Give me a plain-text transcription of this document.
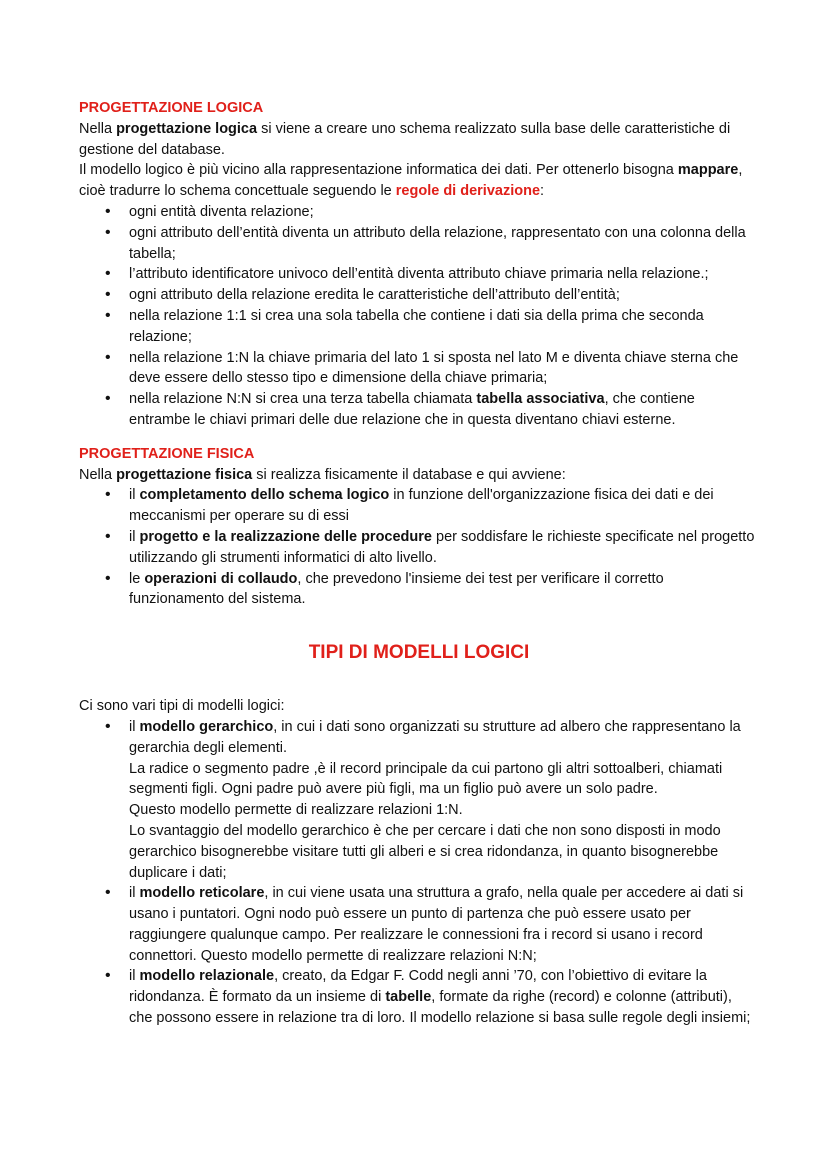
PROGETTAZIONE LOGICA

Nella progettazione logica si viene a creare uno schema realizzato sulla base delle caratteristiche di gestione del database.

Il modello logico è più vicino alla rappresentazione informatica dei dati. Per ottenerlo bisogna mappare, cioè tradurre lo schema concettuale seguendo le regole di derivazione:

• ogni entità diventa relazione;
• ogni attributo dell’entità diventa un attributo della relazione, rappresentato con una colonna della tabella;
• l’attributo identificatore univoco dell’entità diventa attributo chiave primaria nella relazione.;
• ogni attributo della relazione eredita le caratteristiche dell’attributo dell’entità;
• nella relazione 1:1 si crea una sola tabella che contiene i dati sia della prima che seconda relazione;
• nella relazione 1:N la chiave primaria del lato 1 si sposta nel lato M e diventa chiave sterna che deve essere dello stesso tipo e dimensione della chiave primaria;
• nella relazione N:N si crea una terza tabella chiamata tabella associativa, che contiene entrambe le chiavi primari delle due relazione che in questa diventano chiavi esterne.
PROGETTAZIONE FISICA

Nella progettazione fisica si realizza fisicamente il database e qui avviene:

• il completamento dello schema logico in funzione dell'organizzazione fisica dei dati e dei meccanismi per operare su di essi
• il progetto e la realizzazione delle procedure per soddisfare le richieste specificate nel progetto utilizzando gli strumenti informatici di alto livello.
• le operazioni di collaudo, che prevedono l'insieme dei test per verificare il corretto funzionamento del sistema.
TIPI DI MODELLI LOGICI

Ci sono vari tipi di modelli logici:

• il modello gerarchico, in cui i dati sono organizzati su strutture ad albero che rappresentano la gerarchia degli elementi.
La radice o segmento padre ,è il record principale da cui partono gli altri sottoalberi, chiamati segmenti figli. Ogni padre può avere più figli, ma un figlio può avere un solo padre.
Questo modello permette di realizzare relazioni 1:N.
Lo svantaggio del modello gerarchico è che per cercare i dati che non sono disposti in modo gerarchico bisognerebbe visitare tutti gli alberi e si crea ridondanza, in quanto bisognerebbe duplicare i dati;
• il modello reticolare, in cui viene usata una struttura a grafo, nella quale per accedere ai dati si usano i puntatori. Ogni nodo può essere un punto di partenza che può essere usato per raggiungere qualunque campo. Per realizzare le connessioni fra i record si usano i record connettori. Questo modello permette di realizzare relazioni N:N;
• il modello relazionale, creato, da Edgar F. Codd negli anni ’70, con l’obiettivo di evitare la ridondanza. È formato da un insieme di tabelle, formate da righe (record) e colonne (attributi), che possono essere in relazione tra di loro. Il modello relazione si basa sulle regole degli insiemi;
